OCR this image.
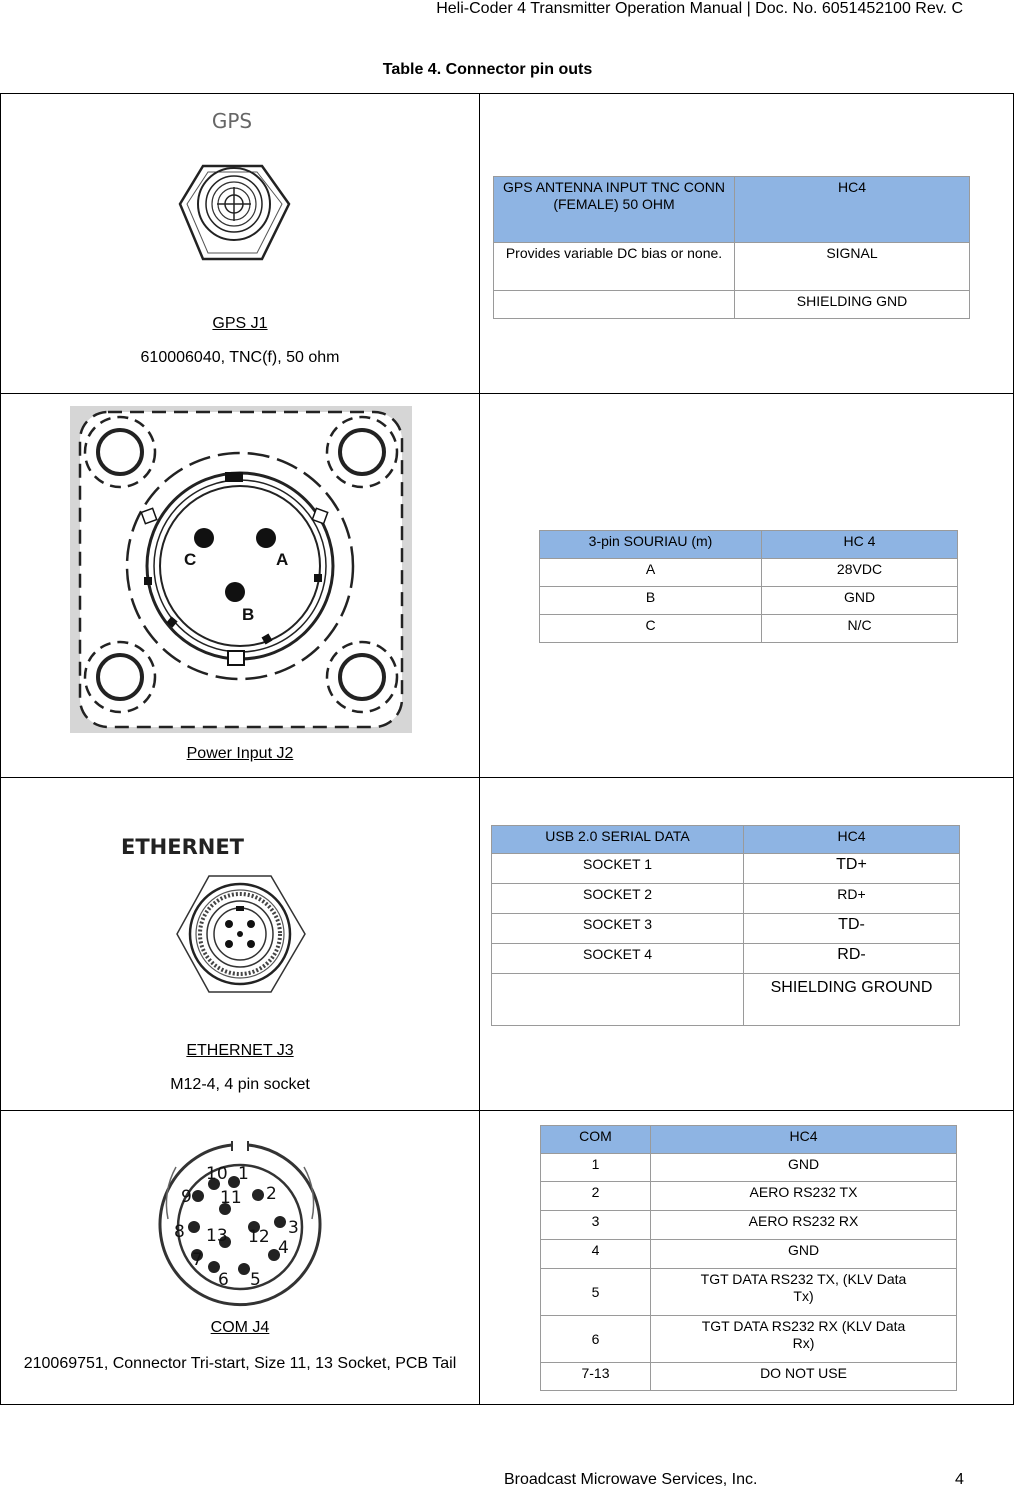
Heli-Coder 4 Transmitter Operation Manual | Doc. No. 6051452100 Rev. C
Table 4. Connector pin outs
GPS
GPS J1
610006040, TNC(f), 50 ohm

GPS ANTENNA INPUT TNC CONN (FEMALE) 50 OHM	HC4
Provides variable DC bias or none.	SIGNAL
	SHIELDING GND

C	A
B
Power Input J2

3-pin SOURIAU (m)	HC 4
A	28VDC
B	GND
C	N/C

ETHERNET
ETHERNET J3
M12-4, 4 pin socket

USB 2.0 SERIAL DATA	HC4
SOCKET 1	TD+
SOCKET 2	RD+
SOCKET 3	TD-
SOCKET 4	RD-
	SHIELDING GROUND

1
2
3
4
5
6
7
8
9
10
11
12
13
COM J4
210069751, Connector Tri-start, Size 11, 13 Socket, PCB Tail

COM	HC4
1	GND
2	AERO RS232 TX
3	AERO RS232 RX
4	GND
5	TGT DATA RS232 TX, (KLV Data Tx)
6	TGT DATA RS232 RX (KLV Data Rx)
7-13	DO NOT USE
Broadcast Microwave Services, Inc.	4
